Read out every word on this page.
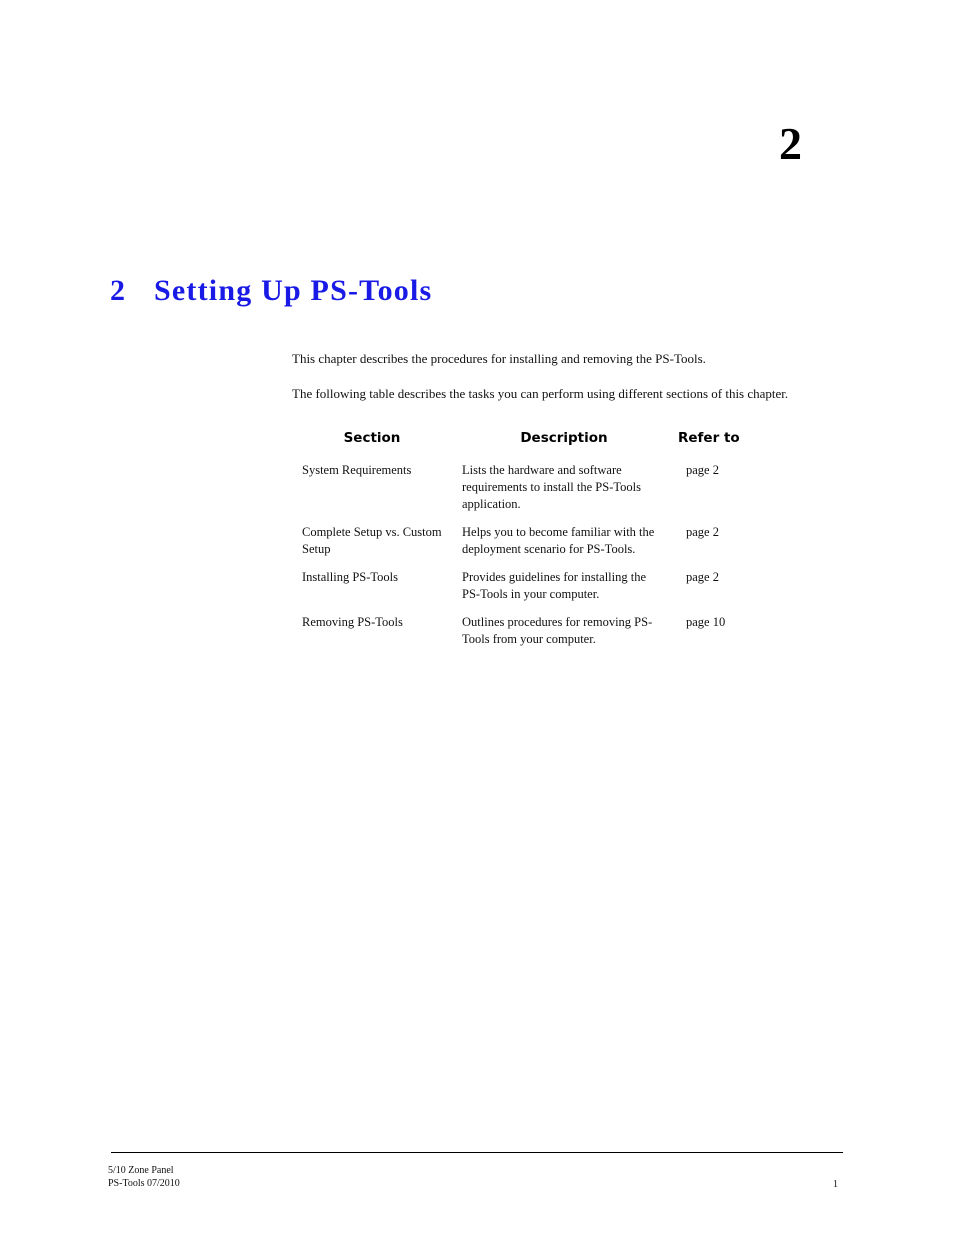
2
2 Setting Up PS-Tools

This chapter describes the procedures for installing and removing the PS-Tools.

The following table describes the tasks you can perform using different sections of this chapter.

Section	Description	Refer to
System Requirements	Lists the hardware and software requirements to install the PS-Tools application.	page 2
Complete Setup vs. Custom Setup	Helps you to become familiar with the deployment scenario for PS-Tools.	page 2
Installing PS-Tools	Provides guidelines for installing the PS-Tools in your computer.	page 2
Removing PS-Tools	Outlines procedures for removing PS-Tools from your computer.	page 10
5/10 Zone Panel
PS-Tools 07/2010	1
